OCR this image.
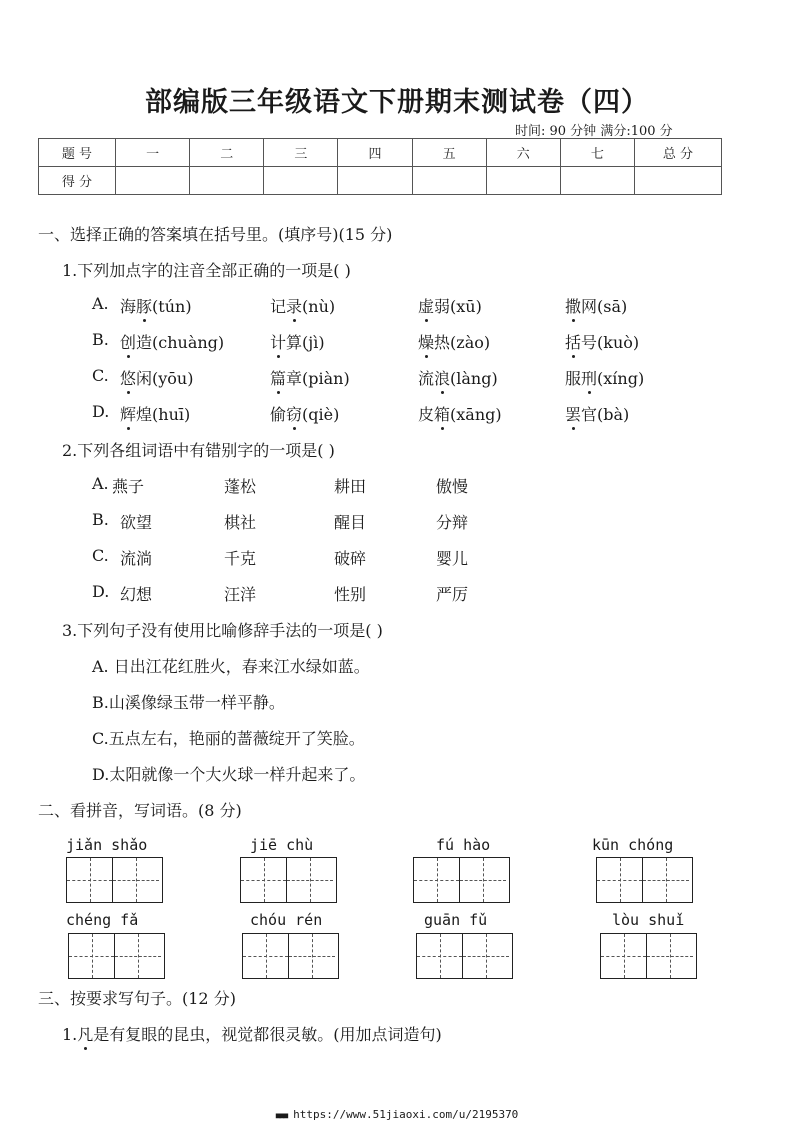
部编版三年级语文下册期末测试卷（四）
时间: 90 分钟 满分:100 分
题 号	一	二	三	四	五	六	七	总 分
得 分								
一、选择正确的答案填在括号里。(填序号)(15 分)
1.下列加点字的注音全部正确的一项是( )
A. 海豚(tún)	记录(nù)	虚弱(xū)	撒网(sā)
B. 创造(chuàng)	计算(jì)	燥热(zào)	括号(kuò)
C. 悠闲(yōu)	篇章(piàn)	流浪(làng)	服刑(xíng)
D. 辉煌(huī)	偷窃(qiè)	皮箱(xāng)	罢官(bà)
2.下列各组词语中有错别字的一项是( )
A. 燕子	蓬松	耕田	傲慢
B. 欲望	棋社	醒目	分辩
C. 流淌	千克	破碎	婴儿
D. 幻想	汪洋	性别	严厉
3.下列句子没有使用比喻修辞手法的一项是( )
A. 日出江花红胜火，春来江水绿如蓝。
B.山溪像绿玉带一样平静。
C.五点左右，艳丽的蔷薇绽开了笑脸。
D.太阳就像一个大火球一样升起来了。
二、看拼音，写词语。(8 分)
jiǎn shǎo	jiē chù	fú hào	kūn chóng
chéng fǎ	chóu rén	guān fǔ	lòu shuǐ
三、按要求写句子。(12 分)
1.凡是有复眼的昆虫，视觉都很灵敏。(用加点词造句)
■■■ https://www.51jiaoxi.com/u/2195370
